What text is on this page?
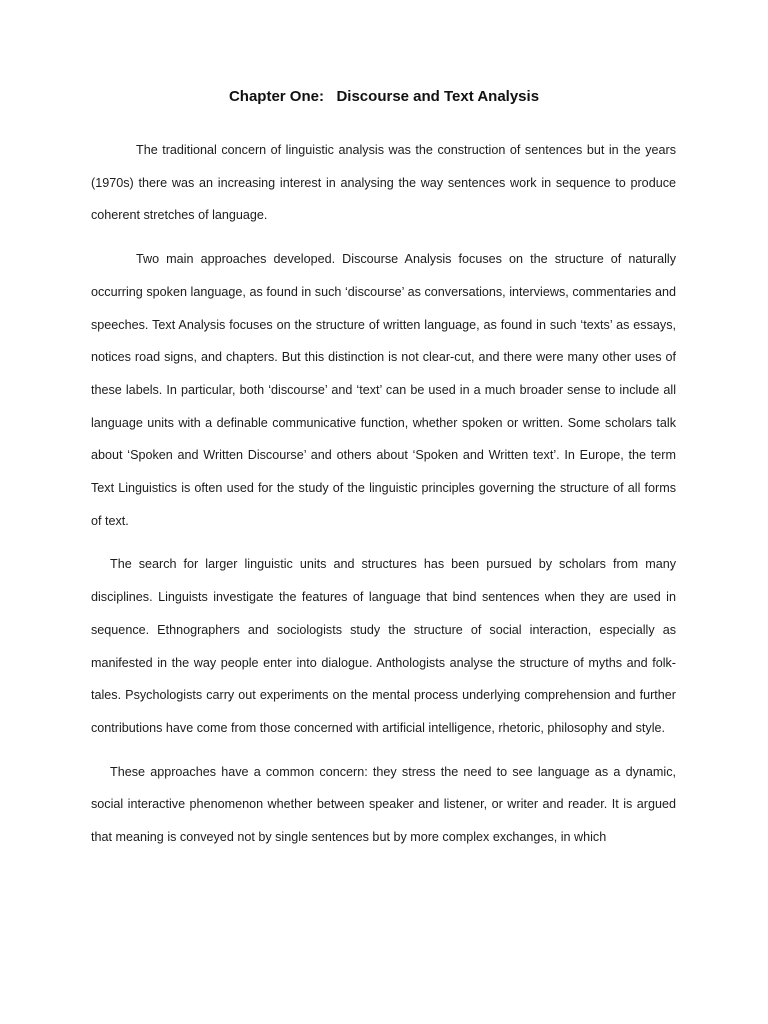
Chapter One:   Discourse and Text Analysis

The traditional concern of linguistic analysis was the construction of sentences but in the years (1970s) there was an increasing interest in analysing the way sentences work in sequence to produce coherent stretches of language.

Two main approaches developed. Discourse Analysis focuses on the structure of naturally occurring spoken language, as found in such ‘discourse’ as conversations, interviews, commentaries and speeches. Text Analysis focuses on the structure of written language, as found in such ‘texts’ as essays, notices road signs, and chapters. But this distinction is not clear-cut, and there were many other uses of these labels. In particular, both ‘discourse’ and ‘text’ can be used in a much broader sense to include all language units with a definable communicative function, whether spoken or written. Some scholars talk about ‘Spoken and Written Discourse’ and others about ‘Spoken and Written text’. In Europe, the term Text Linguistics is often used for the study of the linguistic principles governing the structure of all forms of text.

The search for larger linguistic units and structures has been pursued by scholars from many disciplines. Linguists investigate the features of language that bind sentences when they are used in sequence. Ethnographers and sociologists study the structure of social interaction, especially as manifested in the way people enter into dialogue. Anthologists analyse the structure of myths and folk-tales. Psychologists carry out experiments on the mental process underlying comprehension and further contributions have come from those concerned with artificial intelligence, rhetoric, philosophy and style.

These approaches have a common concern: they stress the need to see language as a dynamic, social interactive phenomenon whether between speaker and listener, or writer and reader. It is argued that meaning is conveyed not by single sentences but by more complex exchanges, in which
